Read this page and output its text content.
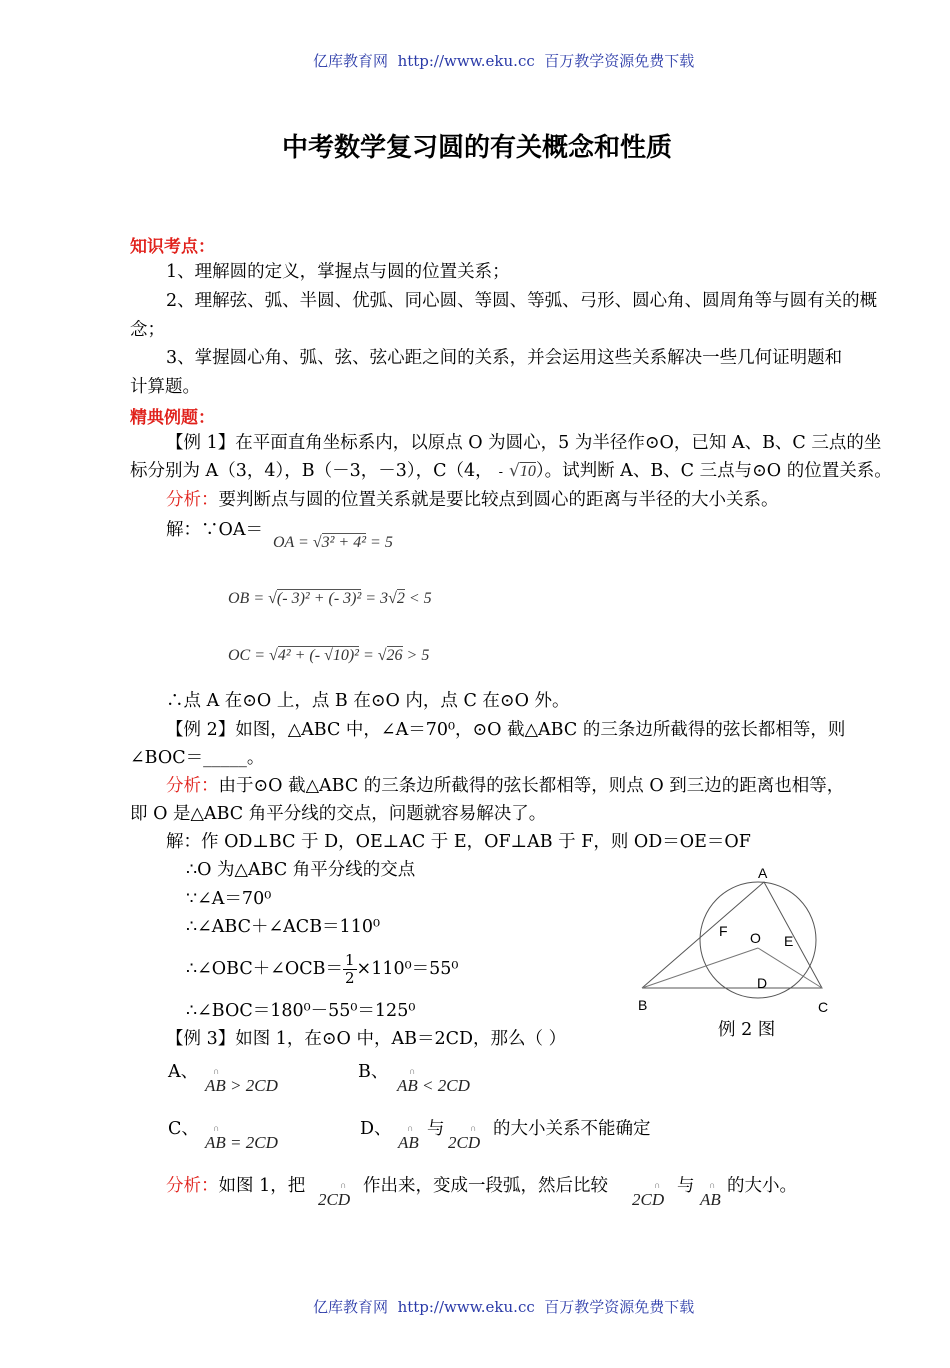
亿库教育网 http://www.eku.cc 百万教学资源免费下载
中考数学复习圆的有关概念和性质
知识考点：
1、理解圆的定义，掌握点与圆的位置关系；
2、理解弦、弧、半圆、优弧、同心圆、等圆、等弧、弓形、圆心角、圆周角等与圆有关的概
念；
3、掌握圆心角、弧、弦、弦心距之间的关系，并会运用这些关系解决一些几何证明题和
计算题。
精典例题：
【例 1】在平面直角坐标系内，以原点 O 为圆心，5 为半径作⊙O，已知 A、B、C 三点的坐
标分别为 A（3，4），B（－3，－3），C（4， - √10）。试判断 A、B、C 三点与⊙O 的位置关系。
分析：要判断点与圆的位置关系就是要比较点到圆心的距离与半径的大小关系。
解：∵OA＝
OA = √3² + 4² = 5
OB = √(- 3)² + (- 3)² = 3√2 < 5
OC = √4² + (- √10)² = √26 > 5
∴点 A 在⊙O 上，点 B 在⊙O 内，点 C 在⊙O 外。
【例 2】如图，△ABC 中，∠A＝70⁰，⊙O 截△ABC 的三条边所截得的弦长都相等，则
∠BOC＝_____。
分析：由于⊙O 截△ABC 的三条边所截得的弦长都相等，则点 O 到三边的距离也相等，
即 O 是△ABC 角平分线的交点，问题就容易解决了。
解：作 OD⊥BC 于 D，OE⊥AC 于 E，OF⊥AB 于 F，则 OD＝OE＝OF
∴O 为△ABC 角平分线的交点
∵∠A＝70⁰
∴∠ABC＋∠ACB＝110⁰
∴∠OBC＋∠OCB＝ $\frac{1}{2} \times 110^0=55^0$
∴∠BOC＝180⁰－55⁰＝125⁰
A
B	C
D
E
F O
例 2 图
【例 3】如图 1，在⊙O 中，AB＝2CD，那么（ ）
A、 ∩
AB > 2CD
B、 ∩
AB < 2CD
C、 ∩
AB = 2CD
D、 ∩
AB
与	∩
2CD
的大小关系不能确定
分析：如图 1，把	∩
2CD
作出来，变成一段弧，然后比较	∩
2CD
与 ∩
AB
的大小。
亿库教育网 http://www.eku.cc 百万教学资源免费下载
